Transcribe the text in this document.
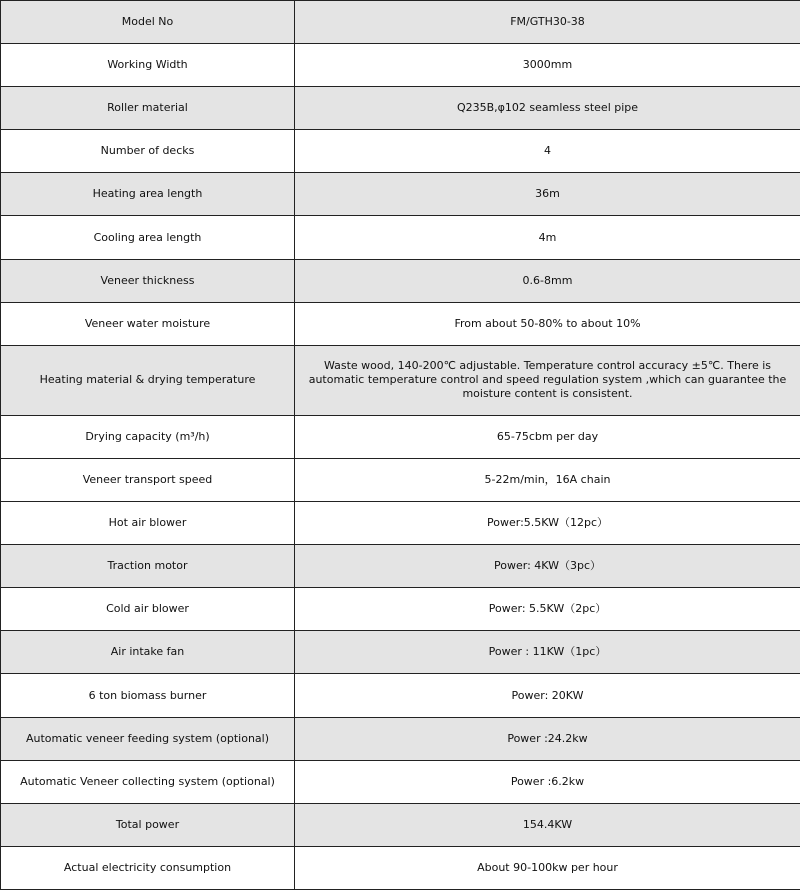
Model No	FM/GTH30-38
Working Width	3000mm
Roller material	Q235B,φ102 seamless steel pipe
Number of decks	4
Heating area length	36m
Cooling area length	4m
Veneer thickness	0.6-8mm
Veneer water moisture	From about 50-80% to about 10%
Heating material & drying temperature	Waste wood, 140-200℃ adjustable. Temperature control accuracy ±5℃. There is automatic temperature control and speed regulation system ,which can guarantee the moisture content is consistent.
Drying capacity (m³/h)	65-75cbm per day
Veneer transport speed	5-22m/min，16A chain
Hot air blower	Power:5.5KW（12pc）
Traction motor	Power: 4KW（3pc）
Cold air blower	Power: 5.5KW（2pc）
Air intake fan	Power : 11KW（1pc）
6 ton biomass burner	Power: 20KW
Automatic veneer feeding system (optional)	Power :24.2kw
Automatic Veneer collecting system (optional)	Power :6.2kw
Total power	154.4KW
Actual electricity consumption	About 90-100kw per hour
